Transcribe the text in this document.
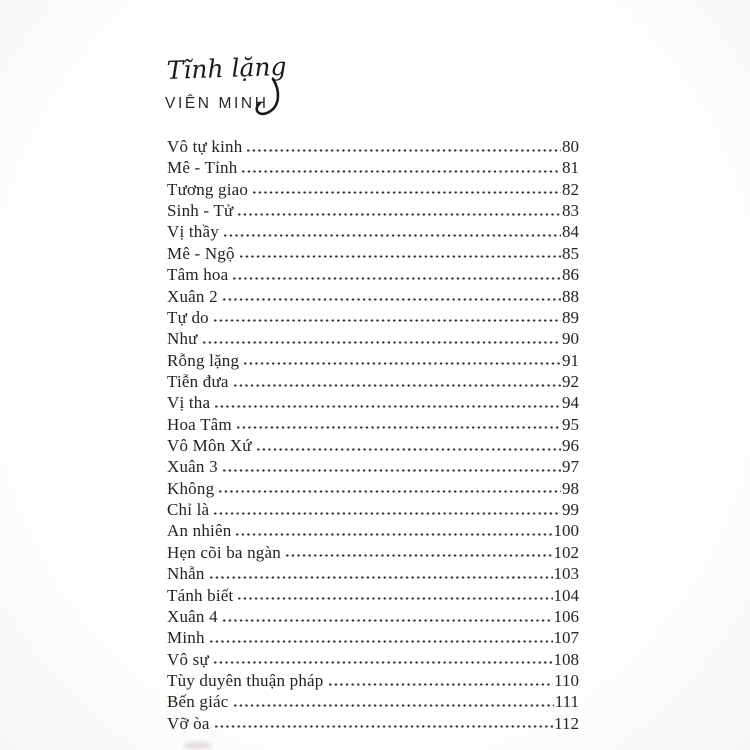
Tĩnh lặng
VIÊN MINH
Vô tự kinh	80
Mê - Tỉnh	81
Tương giao	82
Sinh - Tử	83
Vị thầy	84
Mê - Ngộ	85
Tâm hoa	86
Xuân 2	88
Tự do	89
Như	90
Rỗng lặng	91
Tiễn đưa	92
Vị tha	94
Hoa Tâm	95
Vô Môn Xứ	96
Xuân 3	97
Không	98
Chỉ là	99
An nhiên	100
Hẹn cõi ba ngàn	102
Nhẫn	103
Tánh biết	104
Xuân 4	106
Minh	107
Vô sự	108
Tùy duyên thuận pháp	110
Bến giác	111
Vỡ òa	112
